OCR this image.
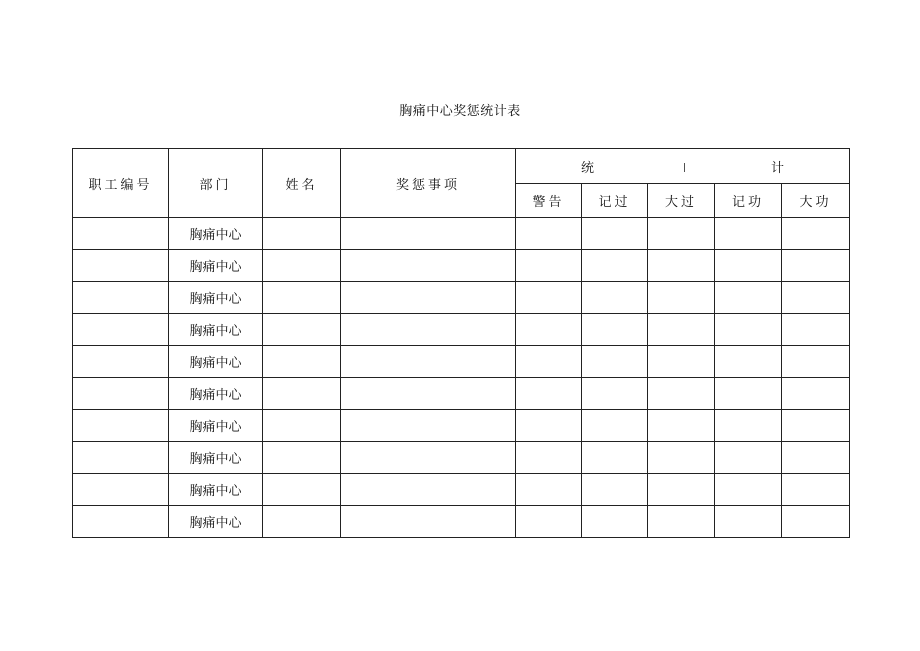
胸痛中心奖惩统计表
职工编号	部门	姓名	奖惩事项	统 | 计				

				警告	记过	大过	记功	大功
	胸痛中心							
	胸痛中心							
	胸痛中心							
	胸痛中心							
	胸痛中心							
	胸痛中心							
	胸痛中心							
	胸痛中心							
	胸痛中心							
	胸痛中心							
